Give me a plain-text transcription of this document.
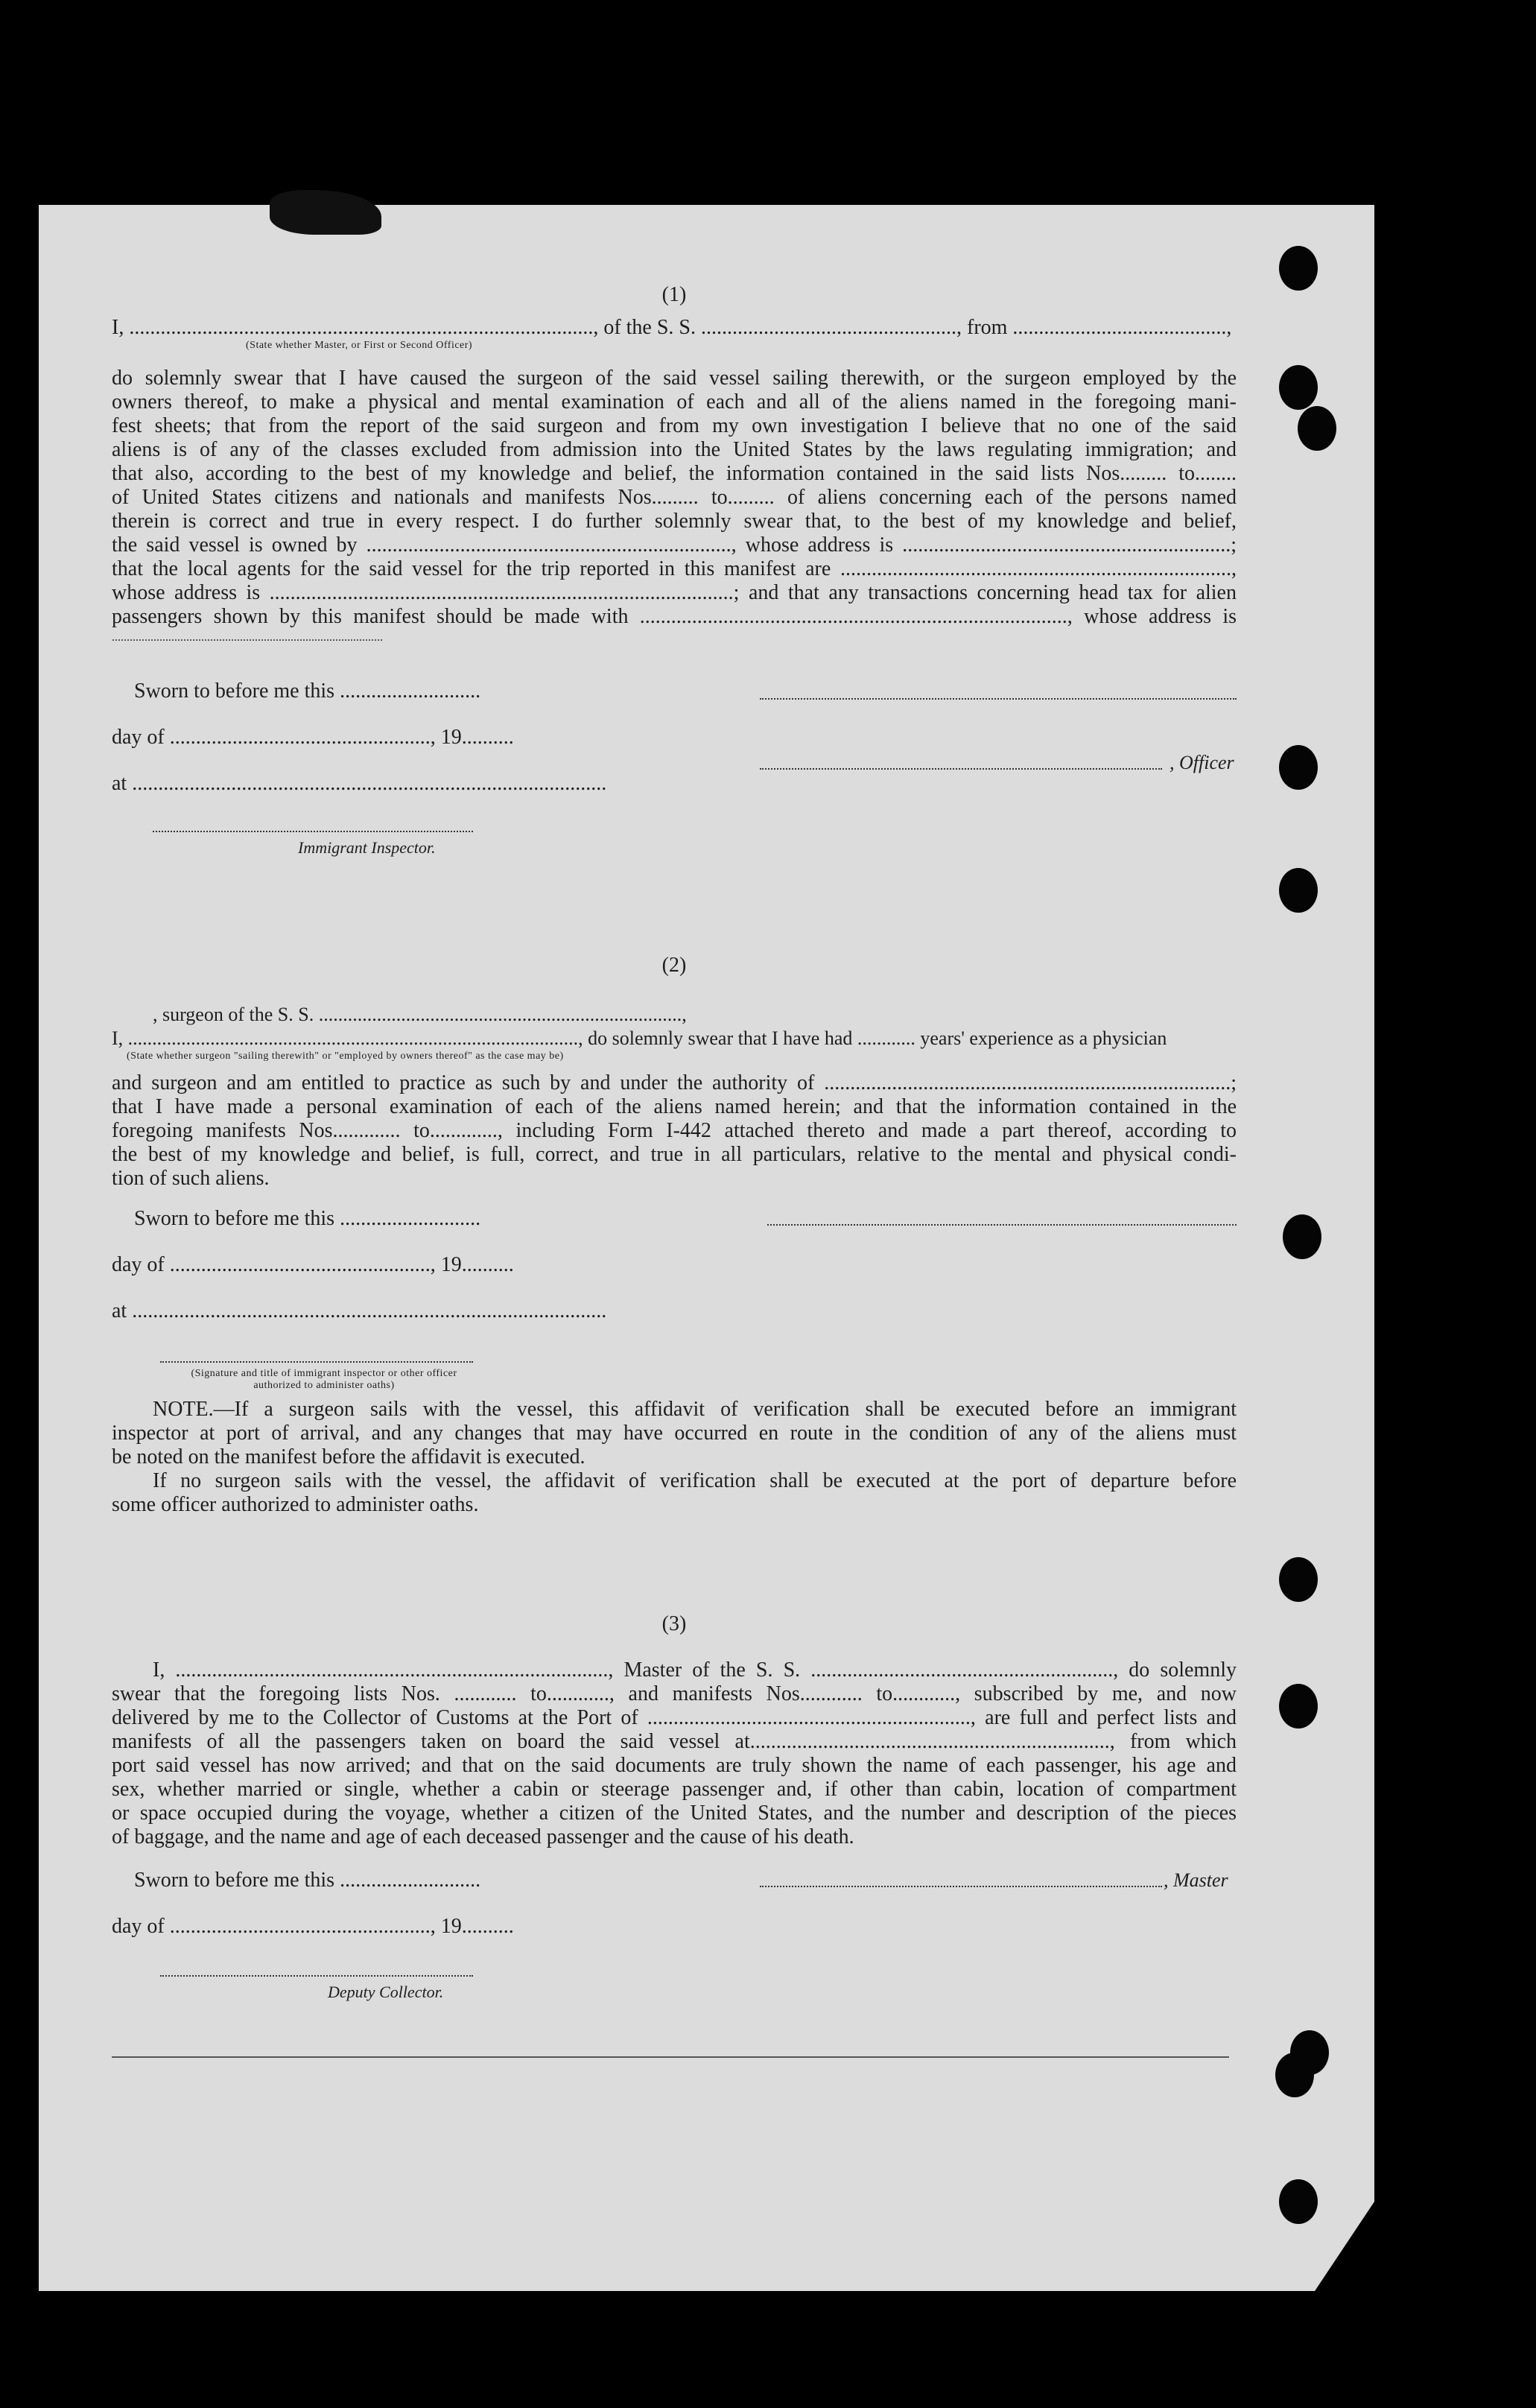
(1)
I, ........................................................................................., of the S. S. ................................................., from .........................................,
(State whether Master, or First or Second Officer)
do solemnly swear that I have caused the surgeon of the said vessel sailing therewith, or the surgeon employed by the
owners thereof, to make a physical and mental examination of each and all of the aliens named in the foregoing mani-
fest sheets; that from the report of the said surgeon and from my own investigation I believe that no one of the said
aliens is of any of the classes excluded from admission into the United States by the laws regulating immigration; and
that also, according to the best of my knowledge and belief, the information contained in the said lists Nos......... to........
of United States citizens and nationals and manifests Nos......... to......... of aliens concerning each of the persons named
therein is correct and true in every respect. I do further solemnly swear that, to the best of my knowledge and belief,
the said vessel is owned by ......................................................................, whose address is ...............................................................;
that the local agents for the said vessel for the trip reported in this manifest are ...........................................................................,
whose address is .........................................................................................; and that any transactions concerning head tax for alien
passengers shown by this manifest should be made with .................................................................................., whose address is
...........................................................................................
Sworn to before me this ...........................
day of .................................................., 19..........
, Officer
at ...........................................................................................
Immigrant Inspector.
(2)
, surgeon of the S. S. ...........................................................................,
I, ............................................................................................., do solemnly swear that I have had ............ years' experience as a physician
(State whether surgeon "sailing therewith" or "employed by owners thereof" as the case may be)
and surgeon and am entitled to practice as such by and under the authority of ..............................................................................;
that I have made a personal examination of each of the aliens named herein; and that the information contained in the
foregoing manifests Nos............. to............., including Form I-442 attached thereto and made a part thereof, according to
the best of my knowledge and belief, is full, correct, and true in all particulars, relative to the mental and physical condi-
tion of such aliens.
Sworn to before me this ...........................
day of .................................................., 19..........
at ...........................................................................................
(Signature and title of immigrant inspector or other officer authorized to administer oaths)
NOTE.—If a surgeon sails with the vessel, this affidavit of verification shall be executed before an immigrant
inspector at port of arrival, and any changes that may have occurred en route in the condition of any of the aliens must
be noted on the manifest before the affidavit is executed.
If no surgeon sails with the vessel, the affidavit of verification shall be executed at the port of departure before
some officer authorized to administer oaths.
(3)
I, ..................................................................................., Master of the S. S. .........................................................., do solemnly
swear that the foregoing lists Nos. ............ to............, and manifests Nos............ to............, subscribed by me, and now
delivered by me to the Collector of Customs at the Port of .............................................................., are full and perfect lists and
manifests of all the passengers taken on board the said vessel at....................................................................., from which
port said vessel has now arrived; and that on the said documents are truly shown the name of each passenger, his age and
sex, whether married or single, whether a cabin or steerage passenger and, if other than cabin, location of compartment
or space occupied during the voyage, whether a citizen of the United States, and the number and description of the pieces
of baggage, and the name and age of each deceased passenger and the cause of his death.
Sworn to before me this ...........................	, Master
day of .................................................., 19..........
Deputy Collector.
